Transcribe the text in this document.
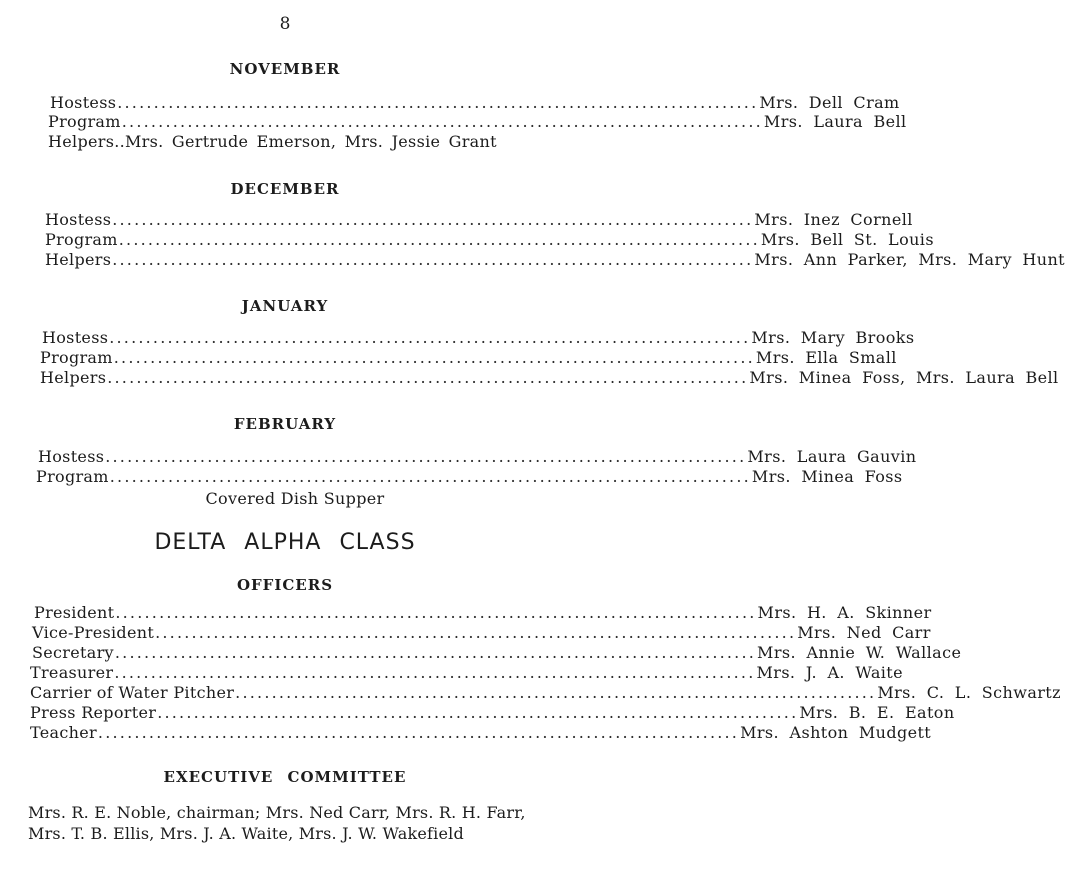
8
NOVEMBER
Hostess ........................................................................................ Mrs. Dell Cram
Program ........................................................................................ Mrs. Laura Bell
Helpers..Mrs. Gertrude Emerson, Mrs. Jessie Grant
DECEMBER
Hostess ........................................................................................ Mrs. Inez Cornell
Program ........................................................................................ Mrs. Bell St. Louis
Helpers ........................................................................................ Mrs. Ann Parker, Mrs. Mary Hunt
JANUARY
Hostess ........................................................................................ Mrs. Mary Brooks
Program ........................................................................................ Mrs. Ella Small
Helpers ........................................................................................ Mrs. Minea Foss, Mrs. Laura Bell
FEBRUARY
Hostess ........................................................................................ Mrs. Laura Gauvin
Program ........................................................................................ Mrs. Minea Foss
Covered Dish Supper
DELTA ALPHA CLASS
OFFICERS
President ........................................................................................ Mrs. H. A. Skinner
Vice-President ........................................................................................ Mrs. Ned Carr
Secretary ........................................................................................ Mrs. Annie W. Wallace
Treasurer ........................................................................................ Mrs. J. A. Waite
Carrier of Water Pitcher ........................................................................................ Mrs. C. L. Schwartz
Press Reporter ........................................................................................ Mrs. B. E. Eaton
Teacher ........................................................................................ Mrs. Ashton Mudgett
EXECUTIVE COMMITTEE
Mrs. R. E. Noble, chairman; Mrs. Ned Carr, Mrs. R. H. Farr, Mrs. T. B. Ellis, Mrs. J. A. Waite, Mrs. J. W. Wakefield
